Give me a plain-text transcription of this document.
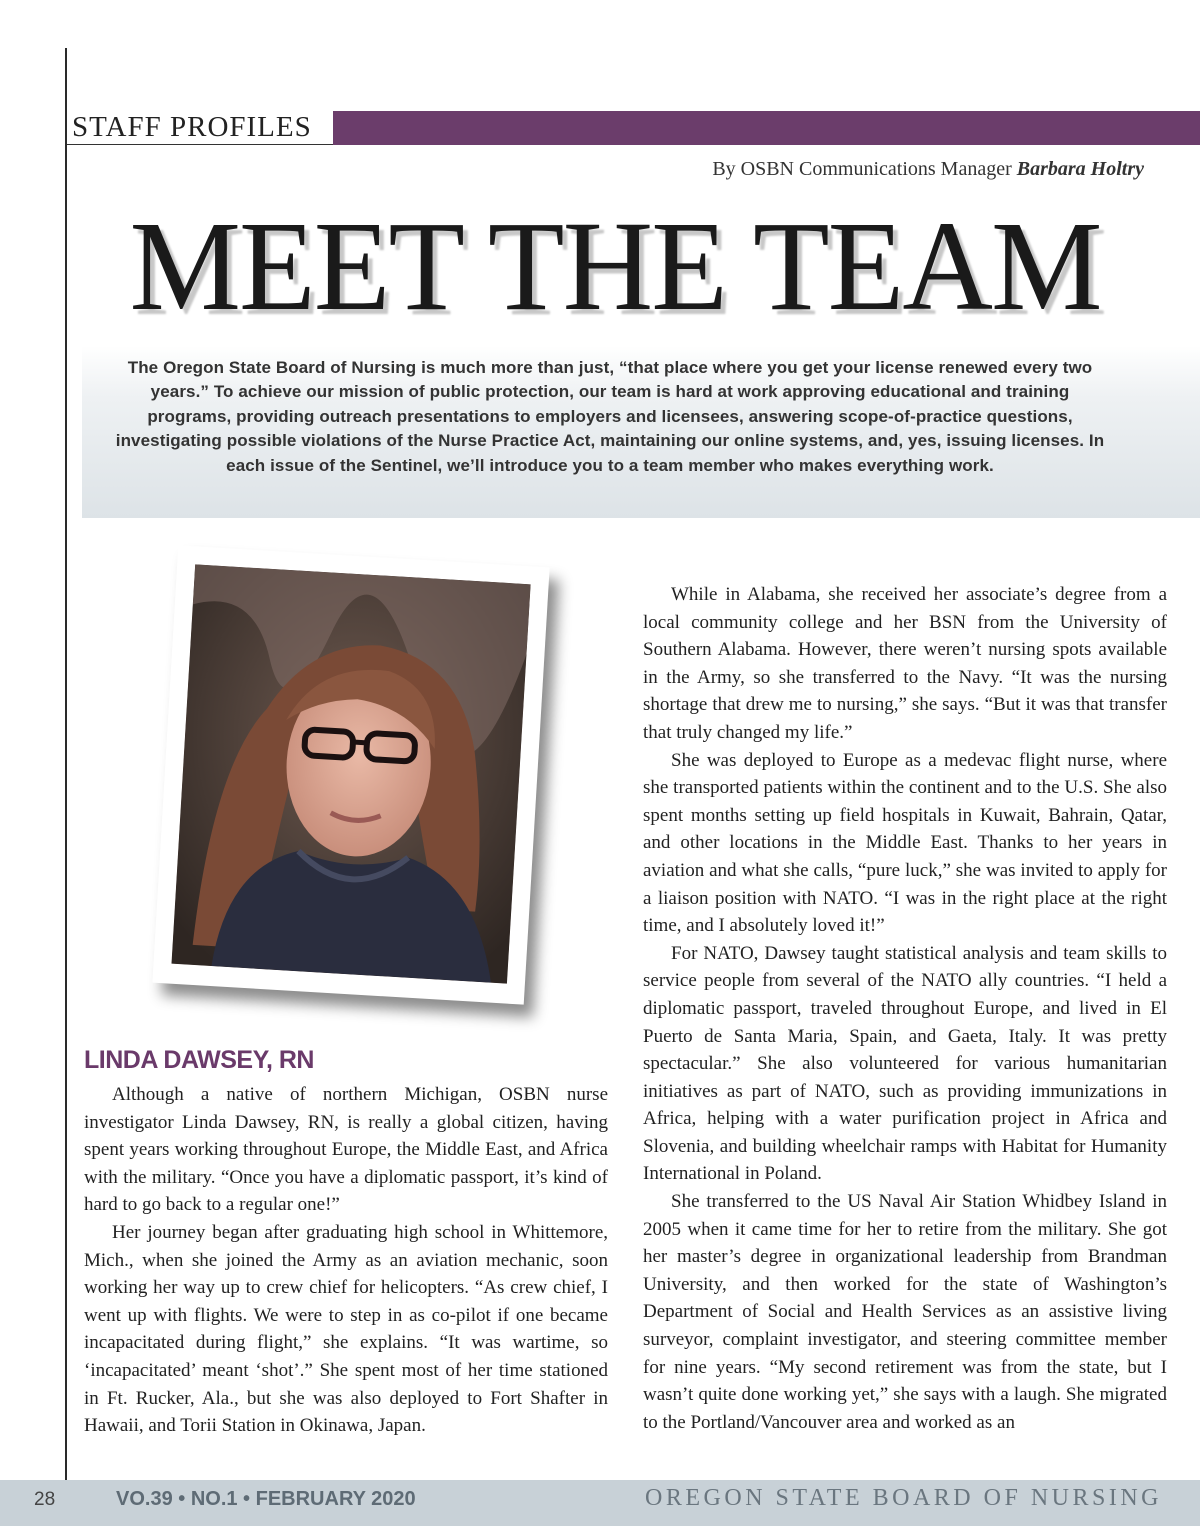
STAFF PROFILES
By OSBN Communications Manager Barbara Holtry
MEET THE TEAM
The Oregon State Board of Nursing is much more than just, “that place where you get your license renewed every two years.” To achieve our mission of public protection, our team is hard at work approving educational and training programs, providing outreach presentations to employers and licensees, answering scope-of-practice questions, investigating possible violations of the Nurse Practice Act, maintaining our online systems, and, yes, issuing licenses. In each issue of the Sentinel, we’ll introduce you to a team member who makes everything work.
LINDA DAWSEY, RN

Although a native of northern Michigan, OSBN nurse investigator Linda Dawsey, RN, is really a global citizen, having spent years working throughout Europe, the Middle East, and Africa with the military. “Once you have a diplomatic passport, it’s kind of hard to go back to a regular one!”

Her journey began after graduating high school in Whittemore, Mich., when she joined the Army as an aviation mechanic, soon working her way up to crew chief for helicopters. “As crew chief, I went up with flights. We were to step in as co-pilot if one became incapacitated during flight,” she explains. “It was wartime, so ‘incapacitated’ meant ‘shot’.” She spent most of her time stationed in Ft. Rucker, Ala., but she was also deployed to Fort Shafter in Hawaii, and Torii Station in Okinawa, Japan.

While in Alabama, she received her associate’s degree from a local community college and her BSN from the University of Southern Alabama. However, there weren’t nursing spots available in the Army, so she transferred to the Navy. “It was the nursing shortage that drew me to nursing,” she says. “But it was that transfer that truly changed my life.”

She was deployed to Europe as a medevac flight nurse, where she transported patients within the continent and to the U.S. She also spent months setting up field hospitals in Kuwait, Bahrain, Qatar, and other locations in the Middle East. Thanks to her years in aviation and what she calls, “pure luck,” she was invited to apply for a liaison position with NATO. “I was in the right place at the right time, and I absolutely loved it!”

For NATO, Dawsey taught statistical analysis and team skills to service people from several of the NATO ally countries. “I held a diplomatic passport, traveled throughout Europe, and lived in El Puerto de Santa Maria, Spain, and Gaeta, Italy. It was pretty spectacular.” She also volunteered for various humanitarian initiatives as part of NATO, such as providing immunizations in Africa, helping with a water purification project in Africa and Slovenia, and building wheelchair ramps with Habitat for Humanity International in Poland.

She transferred to the US Naval Air Station Whidbey Island in 2005 when it came time for her to retire from the military. She got her master’s degree in organizational leadership from Brandman University, and then worked for the state of Washington’s Department of Social and Health Services as an assistive living surveyor, complaint investigator, and steering committee member for nine years. “My second retirement was from the state, but I wasn’t quite done working yet,” she says with a laugh. She migrated to the Portland/Vancouver area and worked as an

28	VO.39 • NO.1 • FEBRUARY 2020	OREGON STATE BOARD OF NURSING
